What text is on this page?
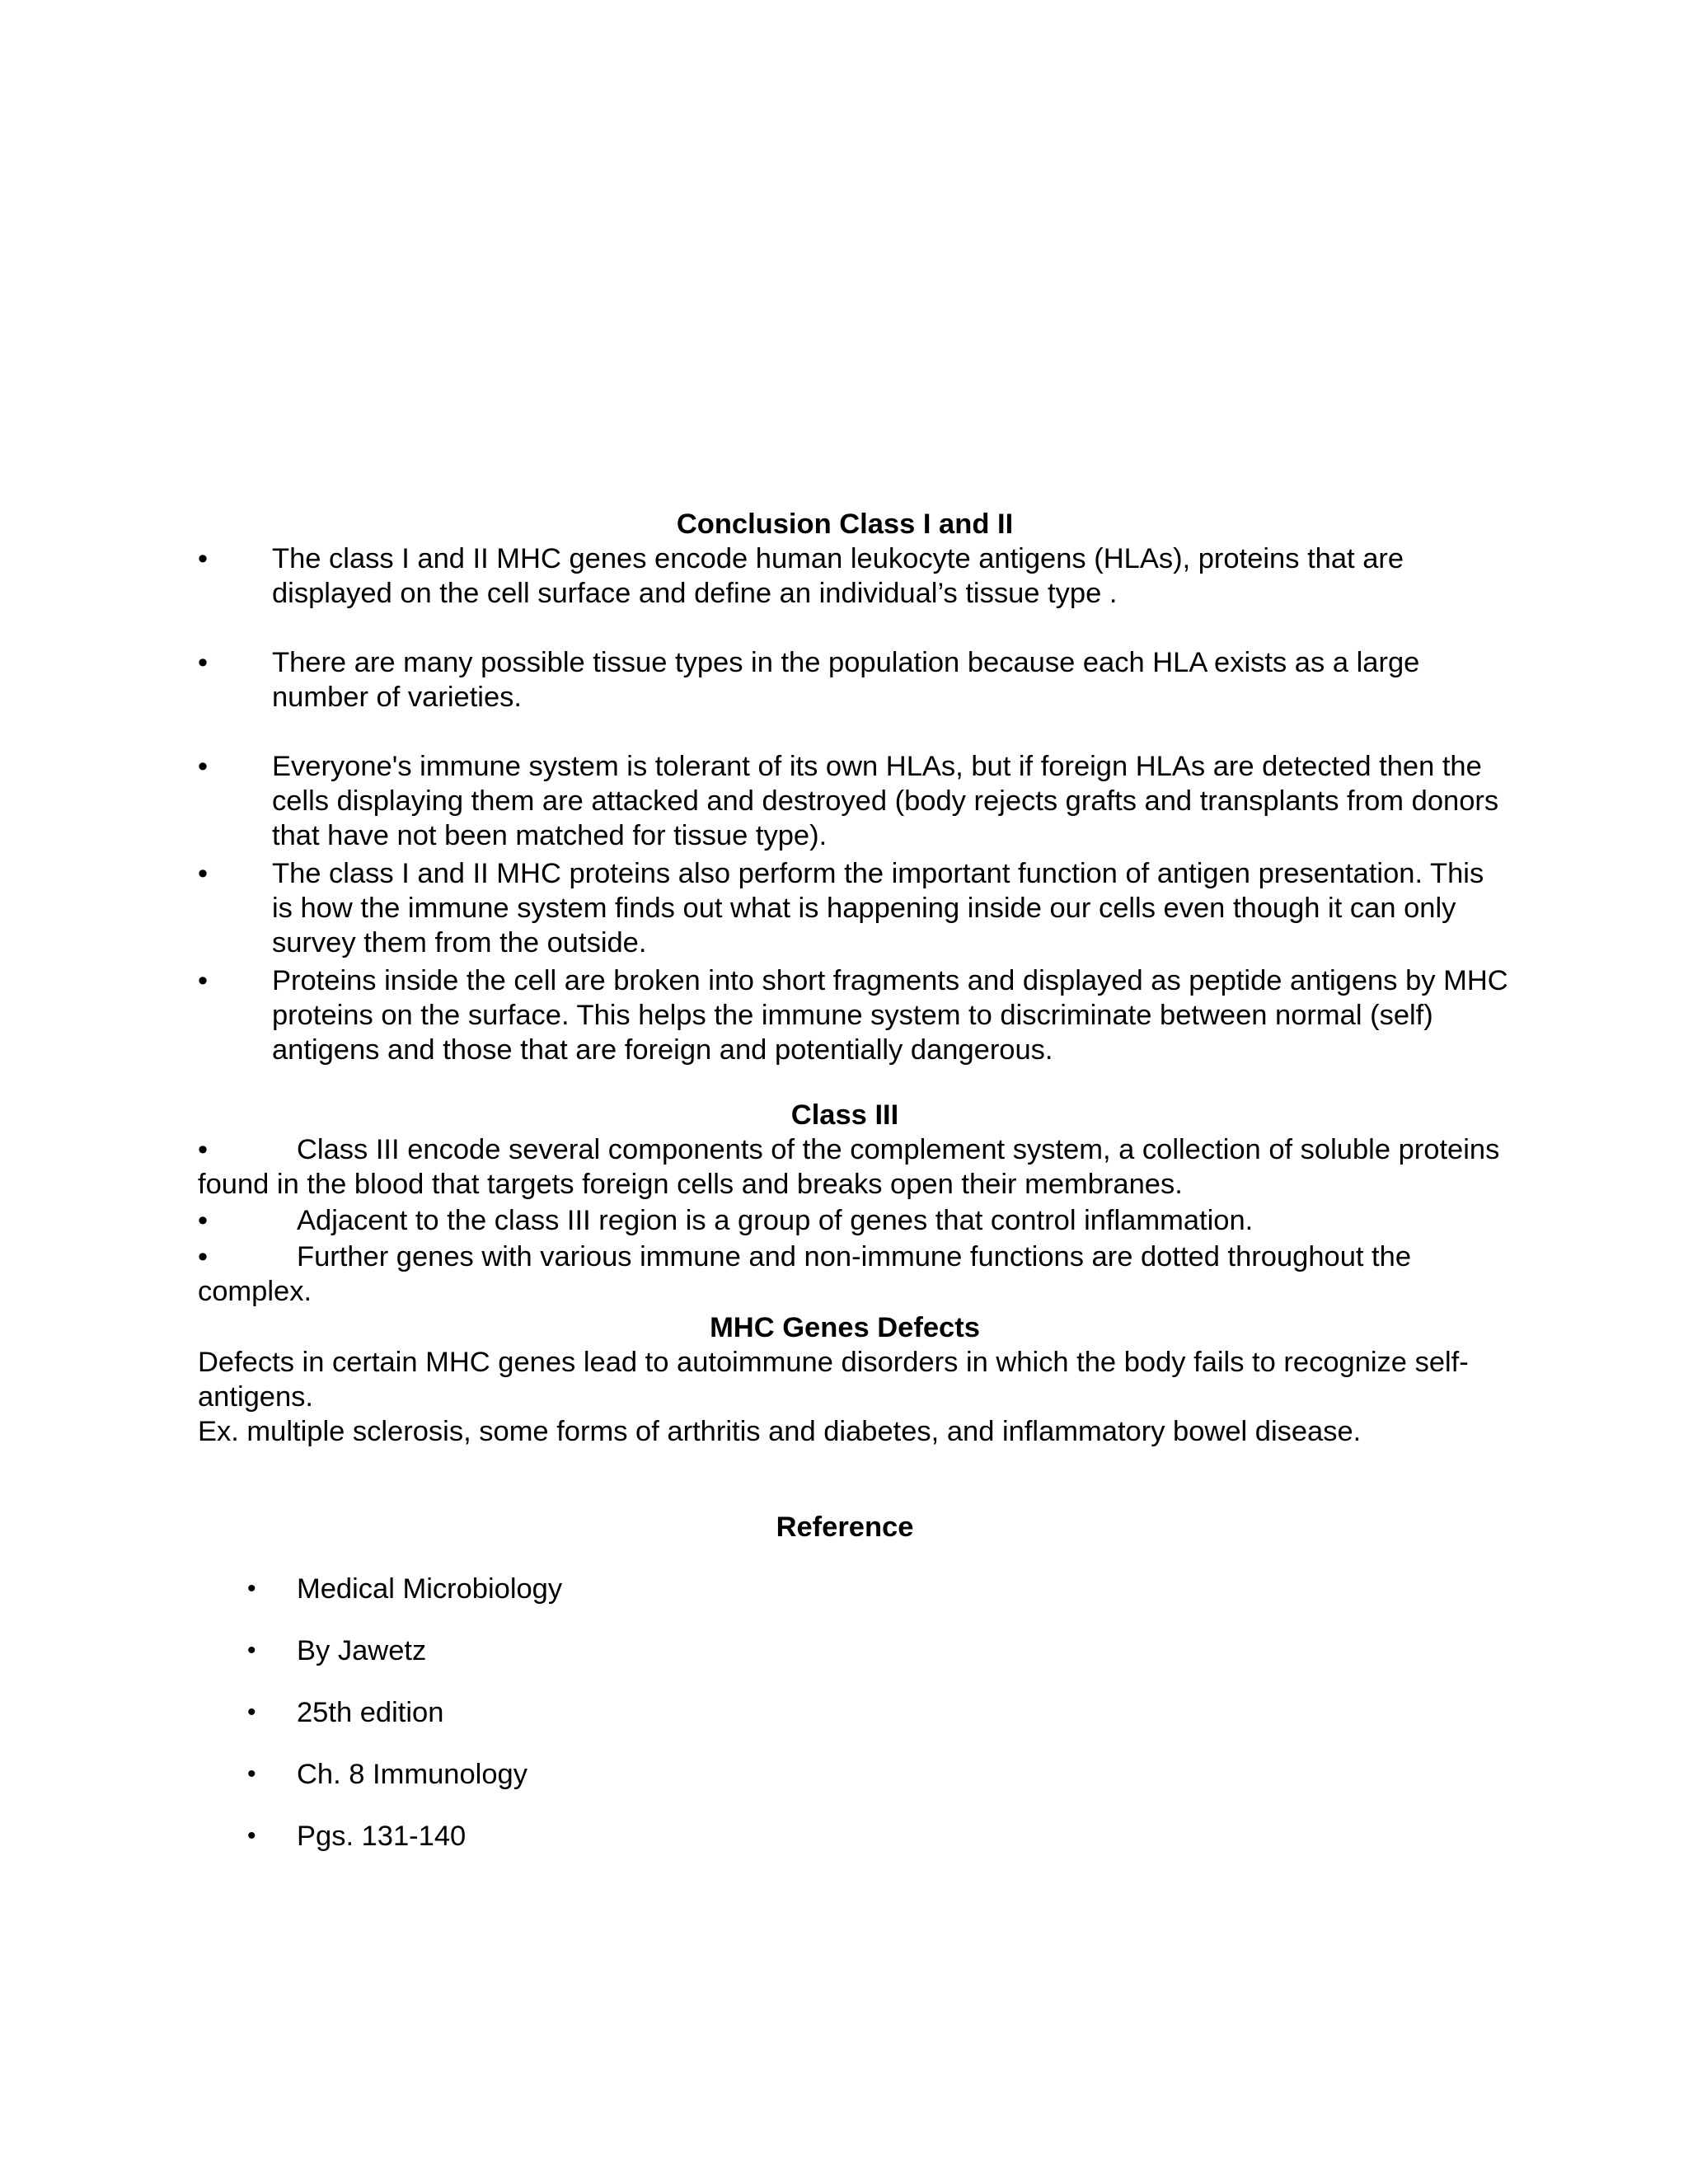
Conclusion Class I and II
•	The class I and II MHC genes encode human leukocyte antigens (HLAs), proteins that are displayed on the cell surface and define an individual’s tissue type .
•	There are many possible tissue types in the population because each HLA exists as a large number of varieties.
•	Everyone's immune system is tolerant of its own HLAs, but if foreign HLAs are detected then the cells displaying them are attacked and destroyed (body rejects grafts and transplants from donors that have not been matched for tissue type).
•	The class I and II MHC proteins also perform the important function of antigen presentation. This is how the immune system finds out what is happening inside our cells even though it can only survey them from the outside.
•	Proteins inside the cell are broken into short fragments and displayed as peptide antigens by MHC proteins on the surface. This helps the immune system to discriminate between normal (self) antigens and those that are foreign and potentially dangerous.
Class III
•	Class III encode several components of the complement system, a collection of soluble proteins found in the blood that targets foreign cells and breaks open their membranes.
•	Adjacent to the class III region is a group of genes that control inflammation.
•	Further genes with various immune and non-immune functions are dotted throughout the complex.
MHC Genes Defects
Defects in certain MHC genes lead to autoimmune disorders in which the body fails to recognize self-antigens.
Ex. multiple sclerosis, some forms of arthritis and diabetes, and inflammatory bowel disease.
Reference
• Medical Microbiology
• By Jawetz
• 25th edition
• Ch. 8 Immunology
• Pgs. 131-140
